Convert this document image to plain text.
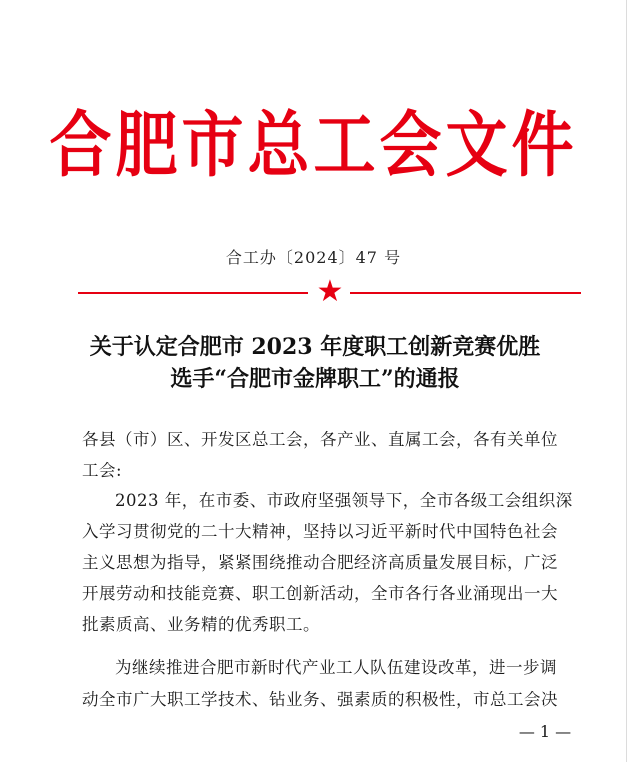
合肥市总工会文件
合工办〔2024〕47 号
★
关于认定合肥市 2023 年度职工创新竞赛优胜
选手“合肥市金牌职工”的通报
各县（市）区、开发区总工会，各产业、直属工会，各有关单位
工会:
2023 年，在市委、市政府坚强领导下，全市各级工会组织深
入学习贯彻党的二十大精神，坚持以习近平新时代中国特色社会
主义思想为指导，紧紧围绕推动合肥经济高质量发展目标，广泛
开展劳动和技能竞赛、职工创新活动，全市各行各业涌现出一大
批素质高、业务精的优秀职工。
为继续推进合肥市新时代产业工人队伍建设改革，进一步调
动全市广大职工学技术、钻业务、强素质的积极性，市总工会决
— 1 —
